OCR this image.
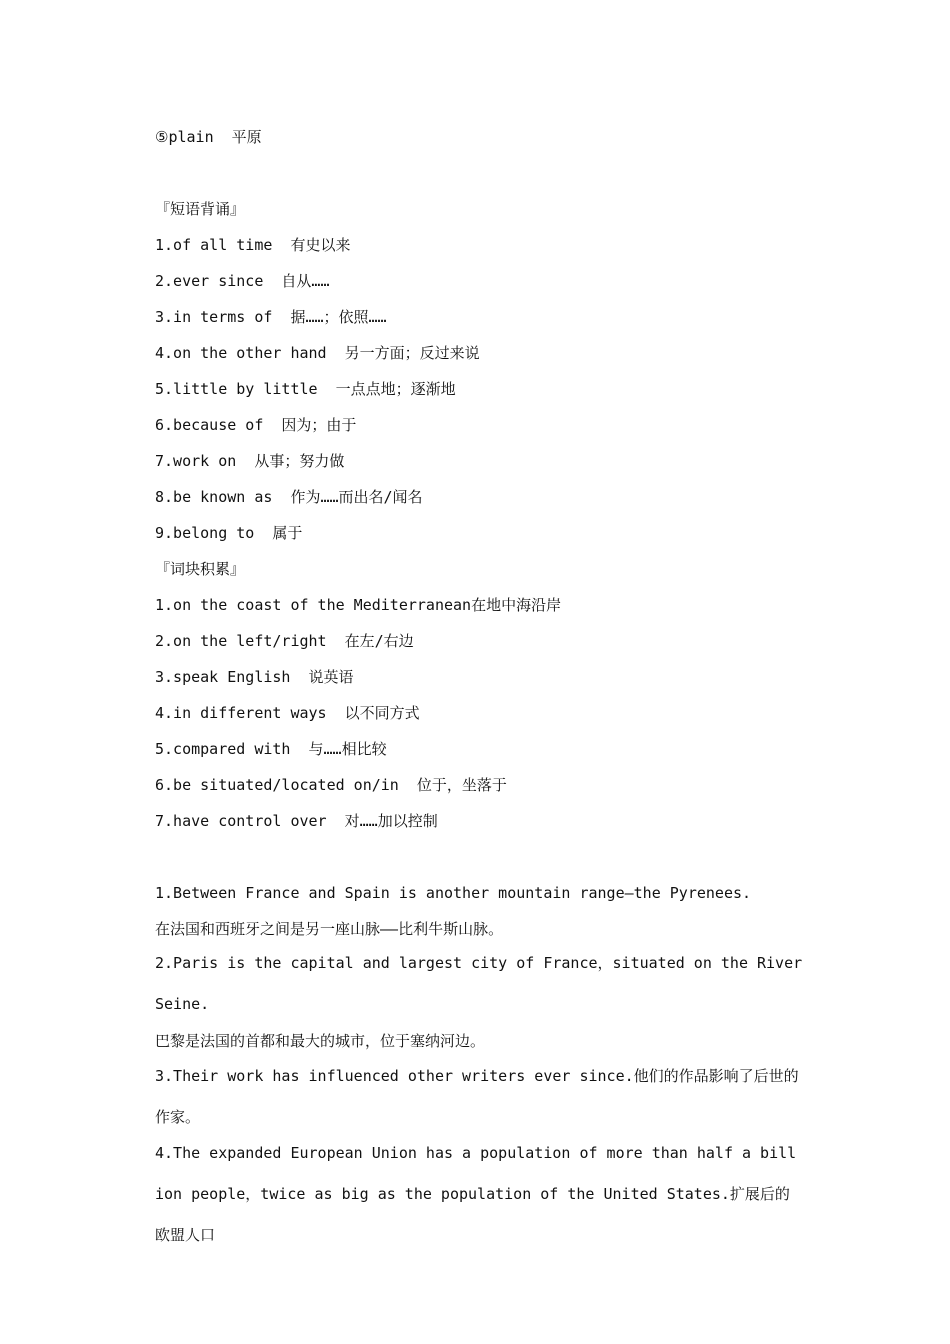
⑤plain  平原
『短语背诵』
1.of all time  有史以来
2.ever since  自从……
3.in terms of  据……；依照……
4.on the other hand  另一方面；反过来说
5.little by little  一点点地；逐渐地
6.because of  因为；由于
7.work on  从事；努力做
8.be known as  作为……而出名/闻名
9.belong to  属于
『词块积累』
1.on the coast of the Mediterranean在地中海沿岸
2.on the left/right  在左/右边
3.speak English  说英语
4.in different ways  以不同方式
5.compared with  与……相比较
6.be situated/located on/in  位于，坐落于
7.have control over  对……加以控制
1.Between France and Spain is another mountain range—the Pyrenees.
在法国和西班牙之间是另一座山脉——比利牛斯山脉。
2.Paris is the capital and largest city of France，situated on the River Seine.
巴黎是法国的首都和最大的城市，位于塞纳河边。
3.Their work has influenced other writers ever since.他们的作品影响了后世的作家。
4.The expanded European Union has a population of more than half a billion people，twice as big as the population of the United States.扩展后的欧盟人口
